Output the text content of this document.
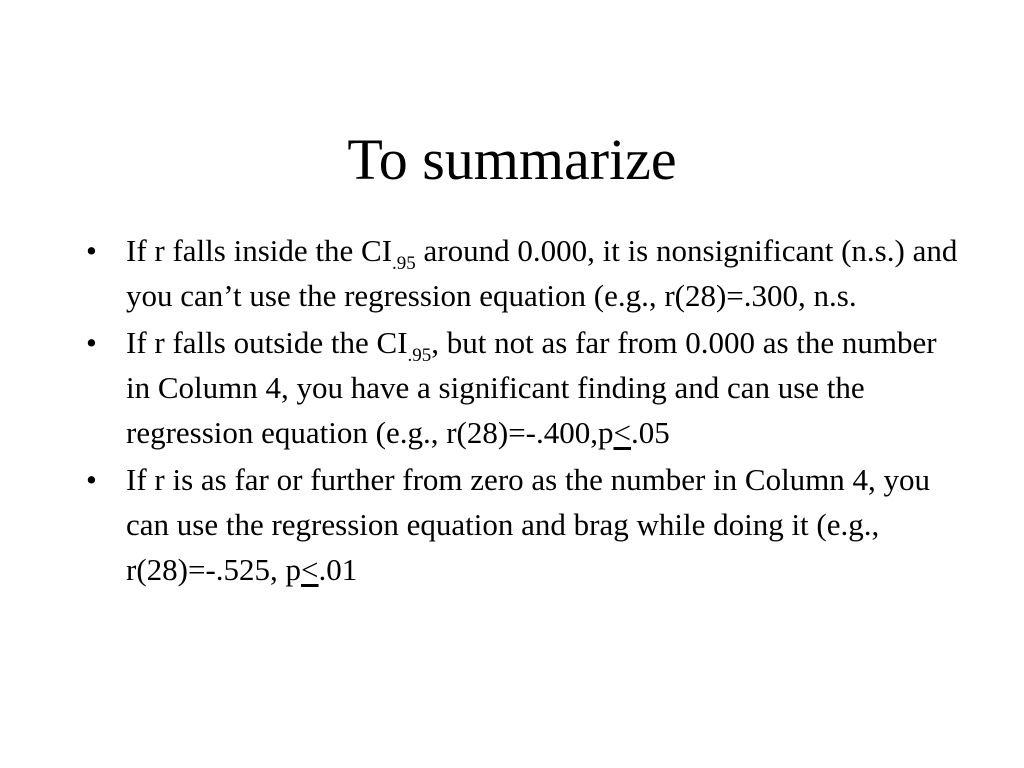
To summarize
• If r falls inside the $CI_{.95}$ around 0.000, it is nonsignificant (n.s.) and you can’t use the regression equation (e.g., r(28)=.300, n.s.
• If r falls outside the $CI_{.95}$, but not as far from 0.000 as the number in Column 4, you have a significant finding and can use the regression equation (e.g., r(28)=-.400,p<.05
• If r is as far or further from zero as the number in Column 4, you can use the regression equation and brag while doing it (e.g., r(28)=-.525, p<.01
